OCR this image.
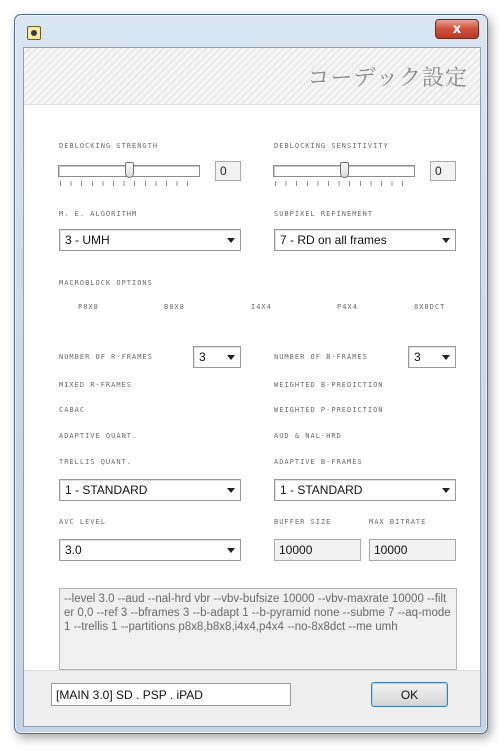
x
コーデック設定
DEBLOCKING STRENGTH
0
DEBLOCKING SENSITIVITY
0
M. E. ALGORITHM
3 - UMH
SUBPIXEL REFINEMENT
7 - RD on all frames
MACROBLOCK OPTIONS
P8X8	B8X8	I4X4	P4X4	8X8DCT
NUMBER OF R-FRAMES	3	NUMBER OF B-FRAMES	3
MIXED R-FRAMES	WEIGHTED B-PREDICTION
CABAC	WEIGHTED P-PREDICTION
ADAPTIVE QUANT.	AUD & NAL-HRD
TRELLIS QUANT.	ADAPTIVE B-FRAMES
1 - STANDARD	1 - STANDARD
AVC LEVEL	BUFFER SIZE	MAX BITRATE
3.0	10000	10000
--level 3.0 --aud --nal-hrd vbr --vbv-bufsize 10000 --vbv-maxrate 10000 --filter 0,0 --ref 3 --bframes 3 --b-adapt 1 --b-pyramid none --subme 7 --aq-mode 1 --trellis 1 --partitions p8x8,b8x8,i4x4,p4x4 --no-8x8dct --me umh
[MAIN 3.0] SD . PSP . iPAD	OK
